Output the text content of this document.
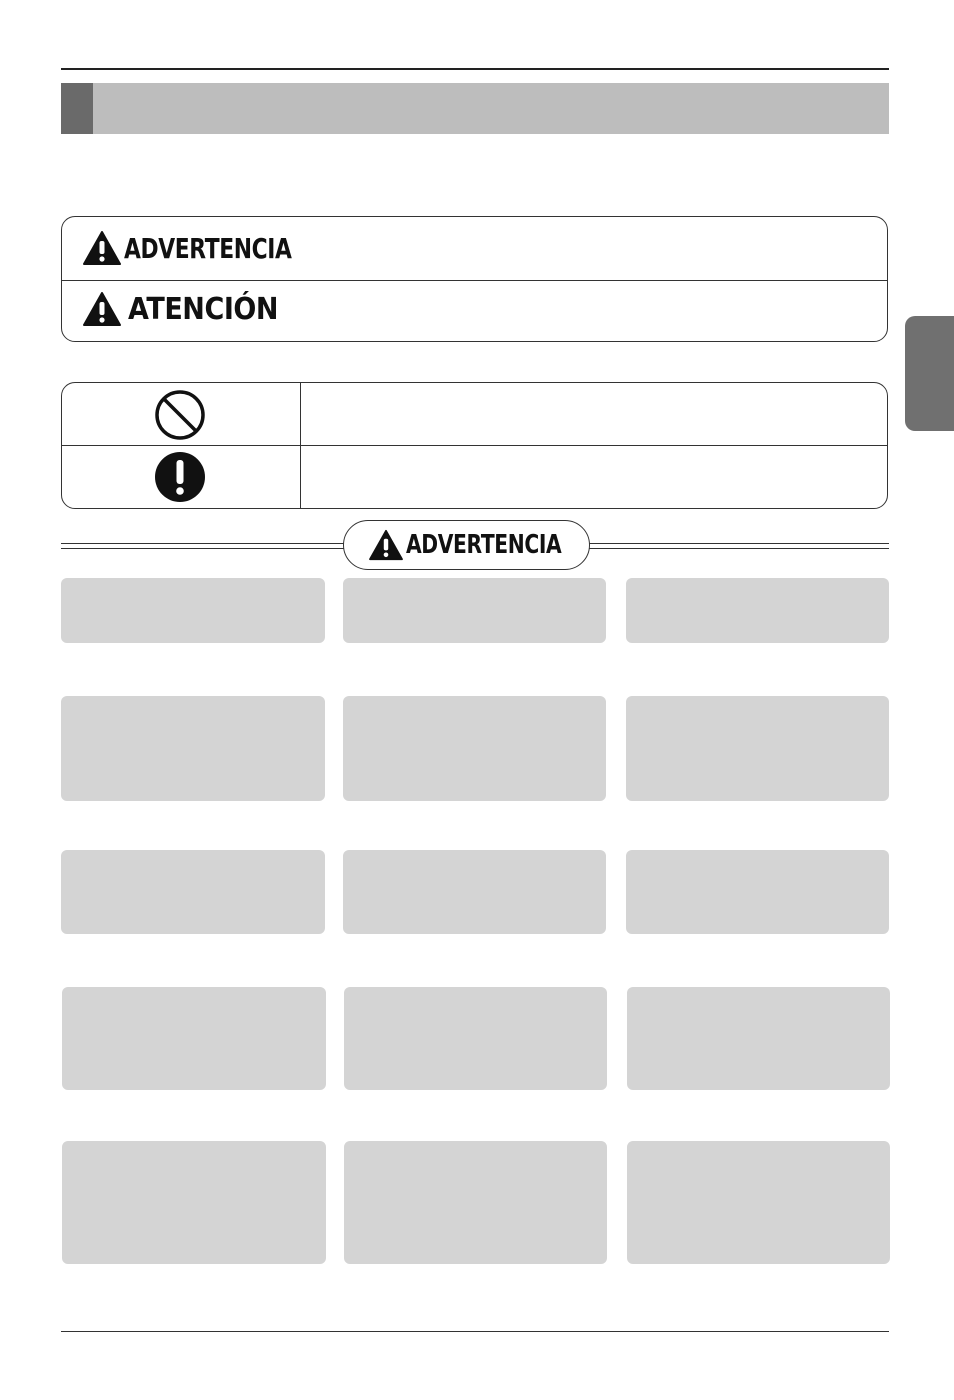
ADVERTENCIA
ATENCIÓN
ADVERTENCIA
